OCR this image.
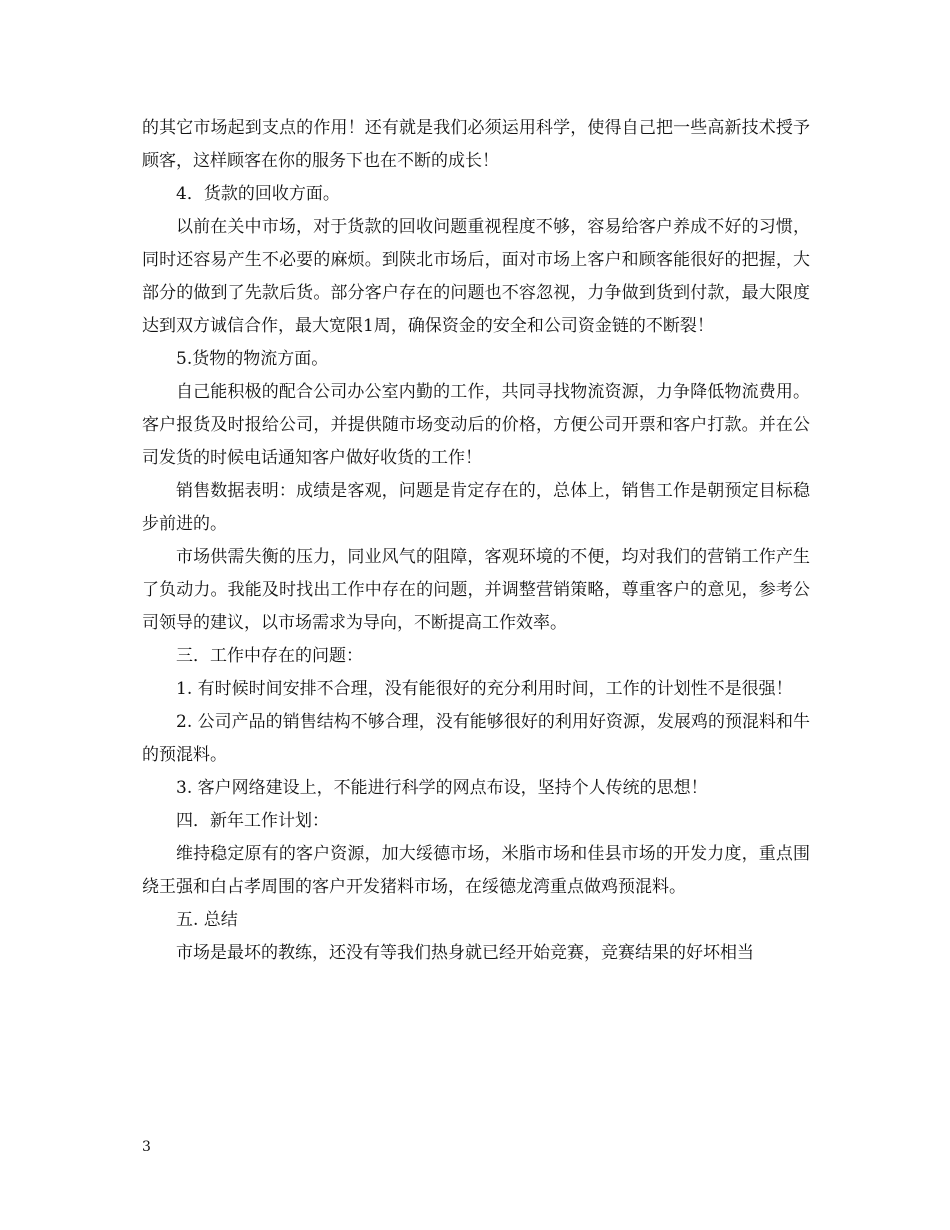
的其它市场起到支点的作用！还有就是我们必须运用科学，使得自己把一些高新技术授予顾客，这样顾客在你的服务下也在不断的成长！

4．货款的回收方面。

以前在关中市场，对于货款的回收问题重视程度不够，容易给客户养成不好的习惯，同时还容易产生不必要的麻烦。到陕北市场后，面对市场上客户和顾客能很好的把握，大部分的做到了先款后货。部分客户存在的问题也不容忽视，力争做到货到付款，最大限度达到双方诚信合作，最大宽限1周，确保资金的安全和公司资金链的不断裂！

5.货物的物流方面。

自己能积极的配合公司办公室内勤的工作，共同寻找物流资源，力争降低物流费用。客户报货及时报给公司，并提供随市场变动后的价格，方便公司开票和客户打款。并在公司发货的时候电话通知客户做好收货的工作！

销售数据表明：成绩是客观，问题是肯定存在的，总体上，销售工作是朝预定目标稳步前进的。

市场供需失衡的压力，同业风气的阻障，客观环境的不便，均对我们的营销工作产生了负动力。我能及时找出工作中存在的问题，并调整营销策略，尊重客户的意见，参考公司领导的建议，以市场需求为导向，不断提高工作效率。

三．工作中存在的问题：

1. 有时候时间安排不合理，没有能很好的充分利用时间，工作的计划性不是很强！

2. 公司产品的销售结构不够合理，没有能够很好的利用好资源，发展鸡的预混料和牛的预混料。

3. 客户网络建设上，不能进行科学的网点布设，坚持个人传统的思想！

四．新年工作计划：

维持稳定原有的客户资源，加大绥德市场，米脂市场和佳县市场的开发力度，重点围绕王强和白占孝周围的客户开发猪料市场，在绥德龙湾重点做鸡预混料。

五. 总结

市场是最坏的教练，还没有等我们热身就已经开始竞赛，竞赛结果的好坏相当

3
